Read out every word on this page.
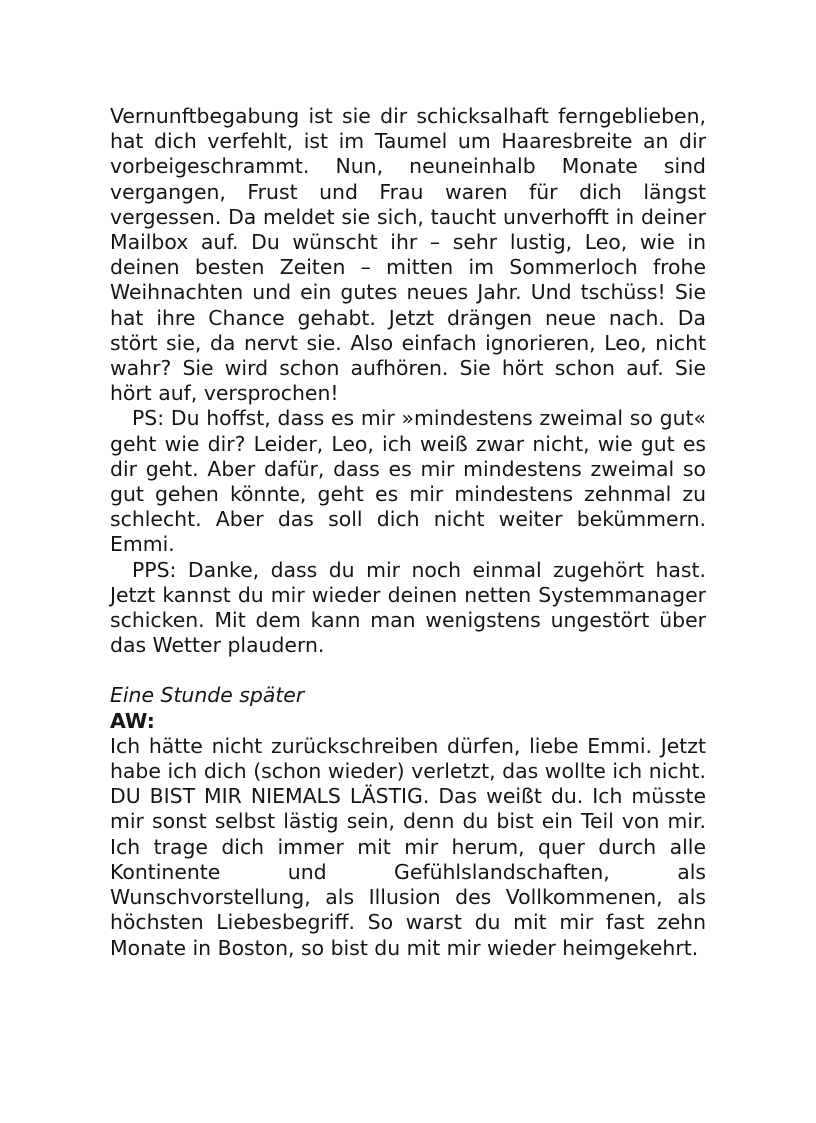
Vernunftbegabung ist sie dir schicksalhaft ferngeblieben, hat dich verfehlt, ist im Taumel um Haaresbreite an dir vorbeigeschrammt. Nun, neuneinhalb Monate sind vergangen, Frust und Frau waren für dich längst vergessen. Da meldet sie sich, taucht unverhofft in deiner Mailbox auf. Du wünscht ihr – sehr lustig, Leo, wie in deinen besten Zeiten – mitten im Sommerloch frohe Weihnachten und ein gutes neues Jahr. Und tschüss! Sie hat ihre Chance gehabt. Jetzt drängen neue nach. Da stört sie, da nervt sie. Also einfach ignorieren, Leo, nicht wahr? Sie wird schon aufhören. Sie hört schon auf. Sie hört auf, versprochen!

PS: Du hoffst, dass es mir »mindestens zweimal so gut« geht wie dir? Leider, Leo, ich weiß zwar nicht, wie gut es dir geht. Aber dafür, dass es mir mindestens zweimal so gut gehen könnte, geht es mir mindestens zehnmal zu schlecht. Aber das soll dich nicht weiter bekümmern. Emmi.

PPS: Danke, dass du mir noch einmal zugehört hast. Jetzt kannst du mir wieder deinen netten Systemmanager schicken. Mit dem kann man wenigstens ungestört über das Wetter plaudern.

Eine Stunde später

AW:

Ich hätte nicht zurückschreiben dürfen, liebe Emmi. Jetzt habe ich dich (schon wieder) verletzt, das wollte ich nicht. DU BIST MIR NIEMALS LÄSTIG. Das weißt du. Ich müsste mir sonst selbst lästig sein, denn du bist ein Teil von mir. Ich trage dich immer mit mir herum, quer durch alle Kontinente und Gefühlslandschaften, als Wunschvorstellung, als Illusion des Vollkommenen, als höchsten Liebesbegriff. So warst du mit mir fast zehn Monate in Boston, so bist du mit mir wieder heimgekehrt.
